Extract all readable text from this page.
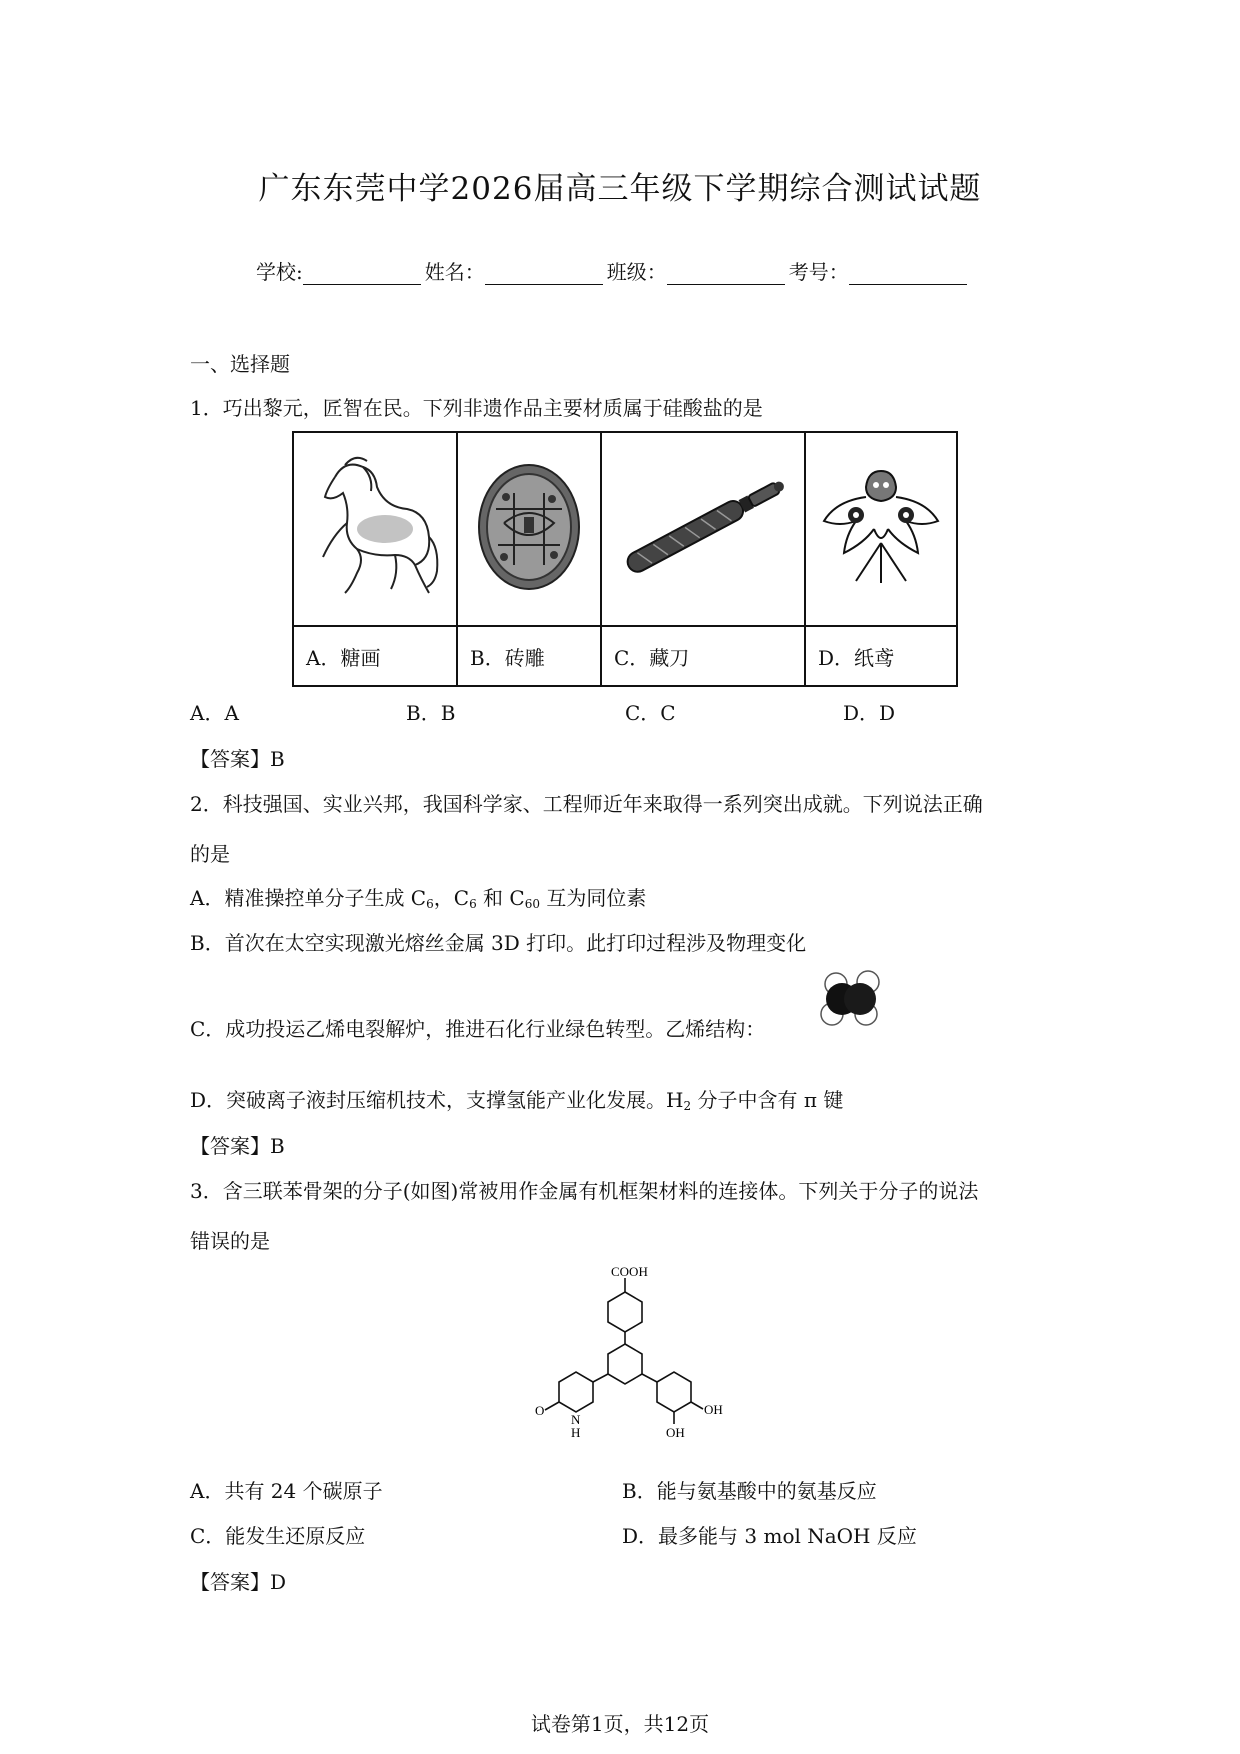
广东东莞中学2026届高三年级下学期综合测试试题
学校:	姓名：	班级：	考号：
一、选择题
1．巧出黎元，匠智在民。下列非遗作品主要材质属于硅酸盐的是

A．糖画	B．砖雕	C．藏刀	D．纸鸢
A．A	B．B	C．C	D．D
【答案】B
2．科技强国、实业兴邦，我国科学家、工程师近年来取得一系列突出成就。下列说法正确
的是
A．精准操控单分子生成 $C_6$，$C_6$ 和 $C_{60}$ 互为同位素
B．首次在太空实现激光熔丝金属 3D 打印。此打印过程涉及物理变化
C．成功投运乙烯电裂解炉，推进石化行业绿色转型。乙烯结构：
D．突破离子液封压缩机技术，支撑氢能产业化发展。$H_2$ 分子中含有 π 键
【答案】B
3．含三联苯骨架的分子(如图)常被用作金属有机框架材料的连接体。下列关于分子的说法
错误的是
COOH
OH
OH
O
N
H
A．共有 24 个碳原子	B．能与氨基酸中的氨基反应
C．能发生还原反应	D．最多能与 3 mol NaOH 反应
【答案】D
试卷第1页，共12页
